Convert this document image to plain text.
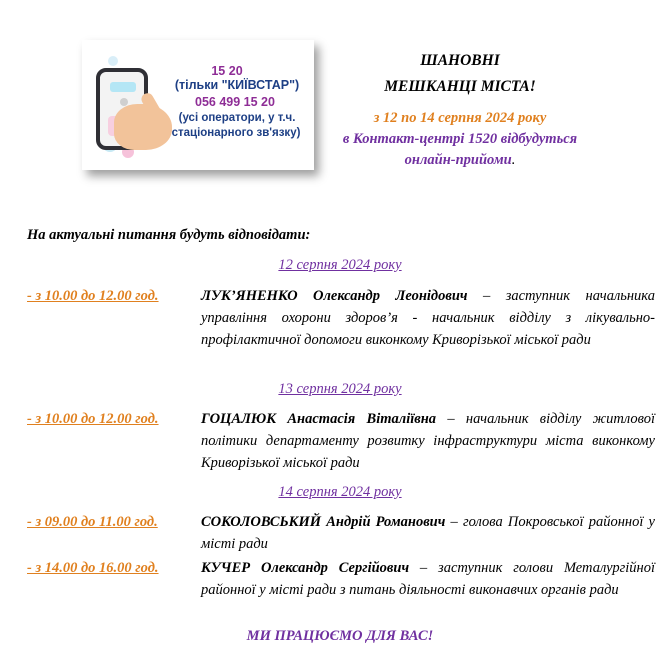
15 20
(тільки "КИЇВСТАР")
056 499 15 20
(усі оператори, у т.ч.
стаціонарного зв'язку)
ШАНОВНІ
МЕШКАНЦІ МІСТА!
з 12 по 14 серпня 2024 року
в Контакт-центрі 1520 відбудуться
онлайн-прийоми.
На актуальні питання будуть відповідати:
12 серпня 2024 року
- з 10.00 до 12.00 год.	ЛУК’ЯНЕНКО Олександр Леонідович – заступник начальника управління охорони здоров’я - начальник відділу з лікувально-профілактичної допомоги виконкому Криворізької міської ради
13 серпня 2024 року
- з 10.00 до 12.00 год.	ГОЦАЛЮК Анастасія Віталіївна – начальник відділу житлової політики департаменту розвитку інфраструктури міста виконкому Криворізької міської ради
14 серпня 2024 року
- з 09.00 до 11.00 год.	СОКОЛОВСЬКИЙ Андрій Романович – голова Покровської районної у місті ради
- з 14.00 до 16.00 год.	КУЧЕР Олександр Сергійович – заступник голови Металургійної районної у місті ради з питань діяльності виконавчих органів ради
МИ ПРАЦЮЄМО ДЛЯ ВАС!
